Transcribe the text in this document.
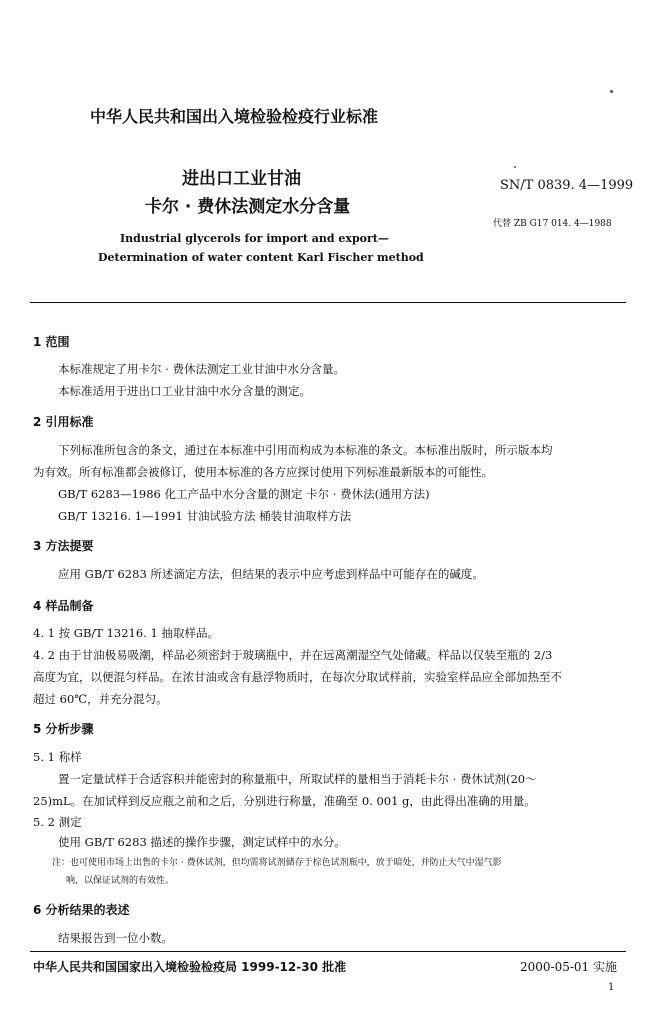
中华人民共和国出入境检验检疫行业标准
进出口工业甘油
卡尔 · 费休法测定水分含量
Industrial glycerols for import and export—
Determination of water content Karl Fischer method
SN/T 0839. 4—1999
代替 ZB G17 014. 4—1988
1 范围
本标准规定了用卡尔 · 费休法测定工业甘油中水分含量。
本标准适用于进出口工业甘油中水分含量的测定。
2 引用标准
下列标准所包含的条文，通过在本标准中引用而构成为本标准的条文。本标准出版时，所示版本均
为有效。所有标准都会被修订，使用本标准的各方应探讨使用下列标准最新版本的可能性。
GB/T 6283—1986 化工产品中水分含量的测定 卡尔 · 费休法(通用方法)
GB/T 13216. 1—1991 甘油试验方法 桶装甘油取样方法
3 方法提要
应用 GB/T 6283 所述滴定方法，但结果的表示中应考虑到样品中可能存在的碱度。
4 样品制备
4. 1 按 GB/T 13216. 1 抽取样品。
4. 2 由于甘油极易吸潮，样品必须密封于玻璃瓶中，并在远离潮湿空气处储藏。样品以仅装至瓶的 2/3
高度为宜，以便混匀样品。在浓甘油或含有悬浮物质时，在每次分取试样前，实验室样品应全部加热至不
超过 60℃，并充分混匀。
5 分析步骤
5. 1 称样
置一定量试样于合适容积并能密封的称量瓶中，所取试样的量相当于消耗卡尔 · 费休试剂(20～
25)mL。在加试样到反应瓶之前和之后，分别进行称量，准确至 0. 001 g，由此得出准确的用量。
5. 2 测定
使用 GB/T 6283 描述的操作步骤，测定试样中的水分。
注：也可使用市场上出售的卡尔 · 费休试剂，但均需将试剂储存于棕色试剂瓶中，放于暗处，并防止大气中湿气影
响，以保证试剂的有效性。
6 分析结果的表述
结果报告到一位小数。
中华人民共和国国家出入境检验检疫局 1999-12-30 批准	2000-05-01 实施
1
